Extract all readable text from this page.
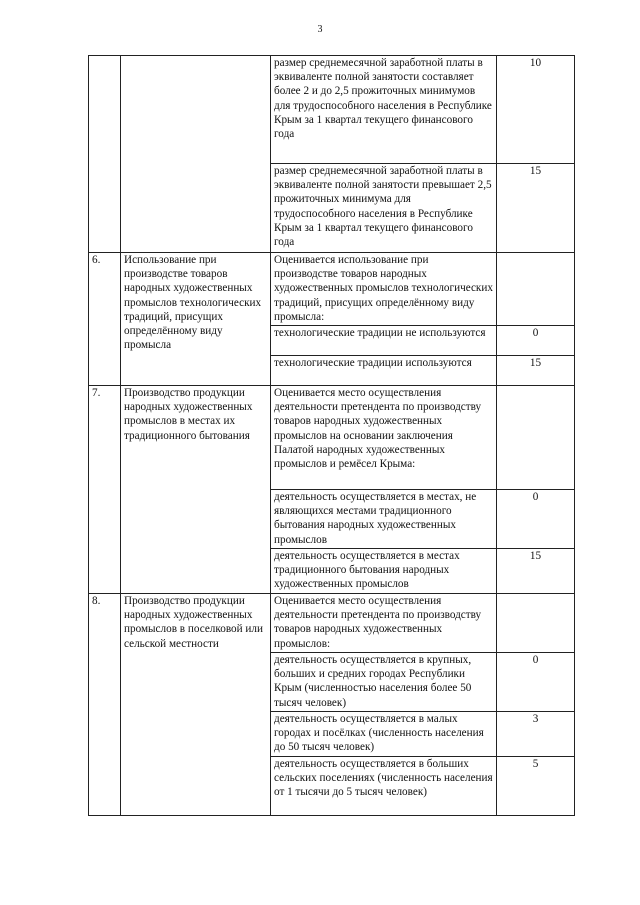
3
		размер среднемесячной заработной платы в эквиваленте полной занятости составляет более 2 и до 2,5 прожиточных минимумов для трудоспособного населения в Республике Крым за 1 квартал текущего финансового года	10
		размер среднемесячной заработной платы в эквиваленте полной занятости превышает 2,5 прожиточных минимума для трудоспособного населения в Республике Крым за 1 квартал текущего финансового года	15
6.	Использование при производстве товаров народных художественных промыслов технологических традиций, присущих определённому виду промысла	Оценивается использование при производстве товаров народных художественных промыслов технологических традиций, присущих определённому виду промысла:	
		технологические традиции не используются	0
		технологические традиции используются	15
7.	Производство продукции народных художественных промыслов в местах их традиционного бытования	Оценивается место осуществления деятельности претендента по производству товаров народных художественных промыслов на основании заключения Палатой народных художественных промыслов и ремёсел Крыма:	
		деятельность осуществляется в местах, не являющихся местами традиционного бытования народных художественных промыслов	0
		деятельность осуществляется в местах традиционного бытования народных художественных промыслов	15
8.	Производство продукции народных художественных промыслов в поселковой или сельской местности	Оценивается место осуществления деятельности претендента по производству товаров народных художественных промыслов:	
		деятельность осуществляется в крупных, больших и средних городах Республики Крым (численностью населения более 50 тысяч человек)	0
		деятельность осуществляется в малых городах и посёлках (численность населения до 50 тысяч человек)	3
		деятельность осуществляется в больших сельских поселениях (численность населения от 1 тысячи до 5 тысяч человек)	5
